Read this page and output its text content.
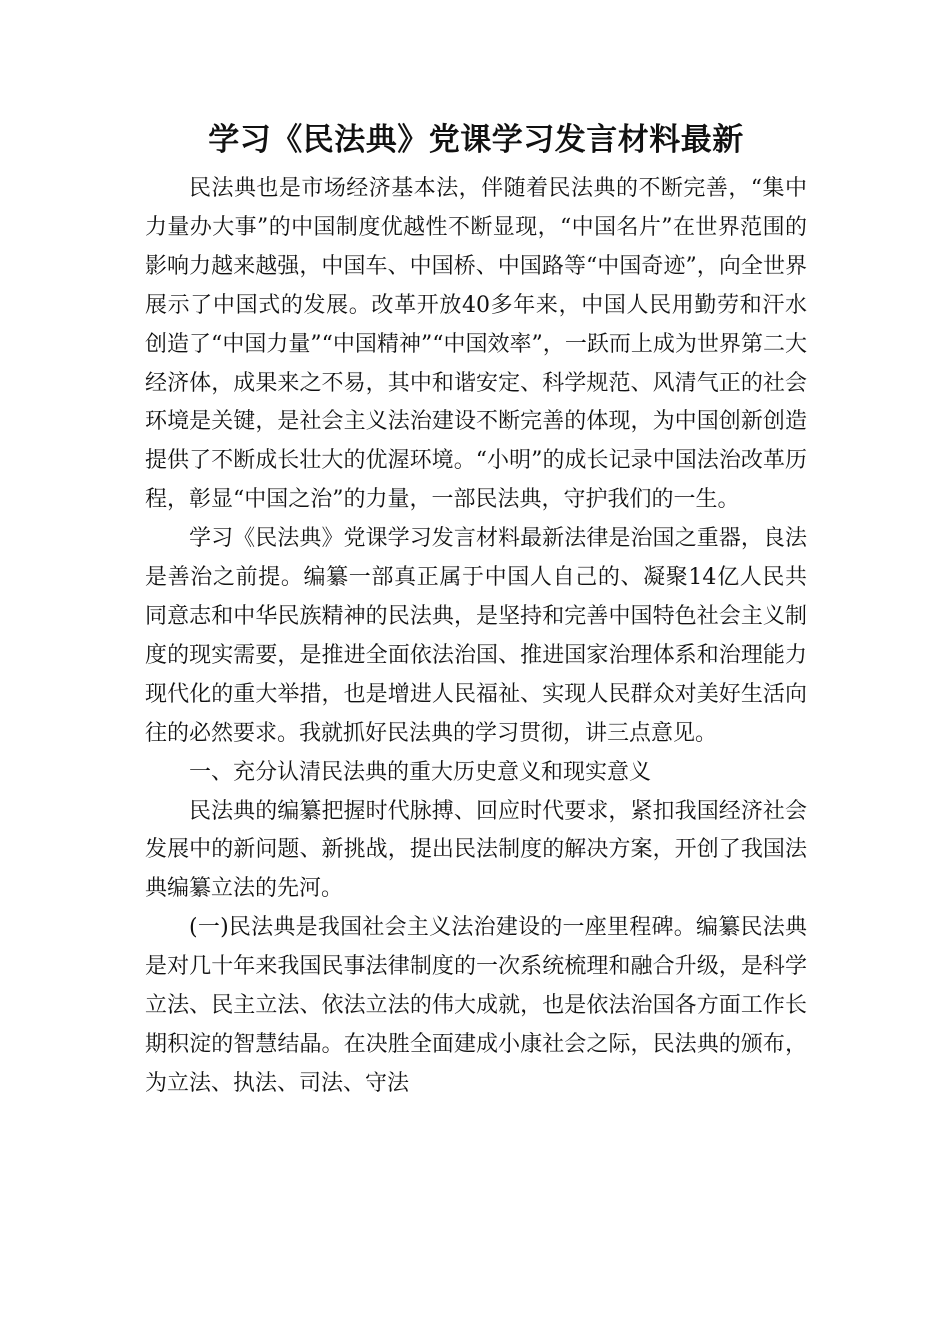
学习《民法典》党课学习发言材料最新

民法典也是市场经济基本法，伴随着民法典的不断完善，“集中力量办大事”的中国制度优越性不断显现，“中国名片”在世界范围的影响力越来越强，中国车、中国桥、中国路等“中国奇迹”，向全世界展示了中国式的发展。改革开放40多年来，中国人民用勤劳和汗水创造了“中国力量”“中国精神”“中国效率”，一跃而上成为世界第二大经济体，成果来之不易，其中和谐安定、科学规范、风清气正的社会环境是关键，是社会主义法治建设不断完善的体现，为中国创新创造提供了不断成长壮大的优渥环境。“小明”的成长记录中国法治改革历程，彰显“中国之治”的力量，一部民法典，守护我们的一生。

学习《民法典》党课学习发言材料最新法律是治国之重器，良法是善治之前提。编纂一部真正属于中国人自己的、凝聚14亿人民共同意志和中华民族精神的民法典，是坚持和完善中国特色社会主义制度的现实需要，是推进全面依法治国、推进国家治理体系和治理能力现代化的重大举措，也是增进人民福祉、实现人民群众对美好生活向往的必然要求。我就抓好民法典的学习贯彻，讲三点意见。

一、充分认清民法典的重大历史意义和现实意义

民法典的编纂把握时代脉搏、回应时代要求，紧扣我国经济社会发展中的新问题、新挑战，提出民法制度的解决方案，开创了我国法典编纂立法的先河。

(一)民法典是我国社会主义法治建设的一座里程碑。编纂民法典是对几十年来我国民事法律制度的一次系统梳理和融合升级，是科学立法、民主立法、依法立法的伟大成就，也是依法治国各方面工作长期积淀的智慧结晶。在决胜全面建成小康社会之际，民法典的颁布，为立法、执法、司法、守法
